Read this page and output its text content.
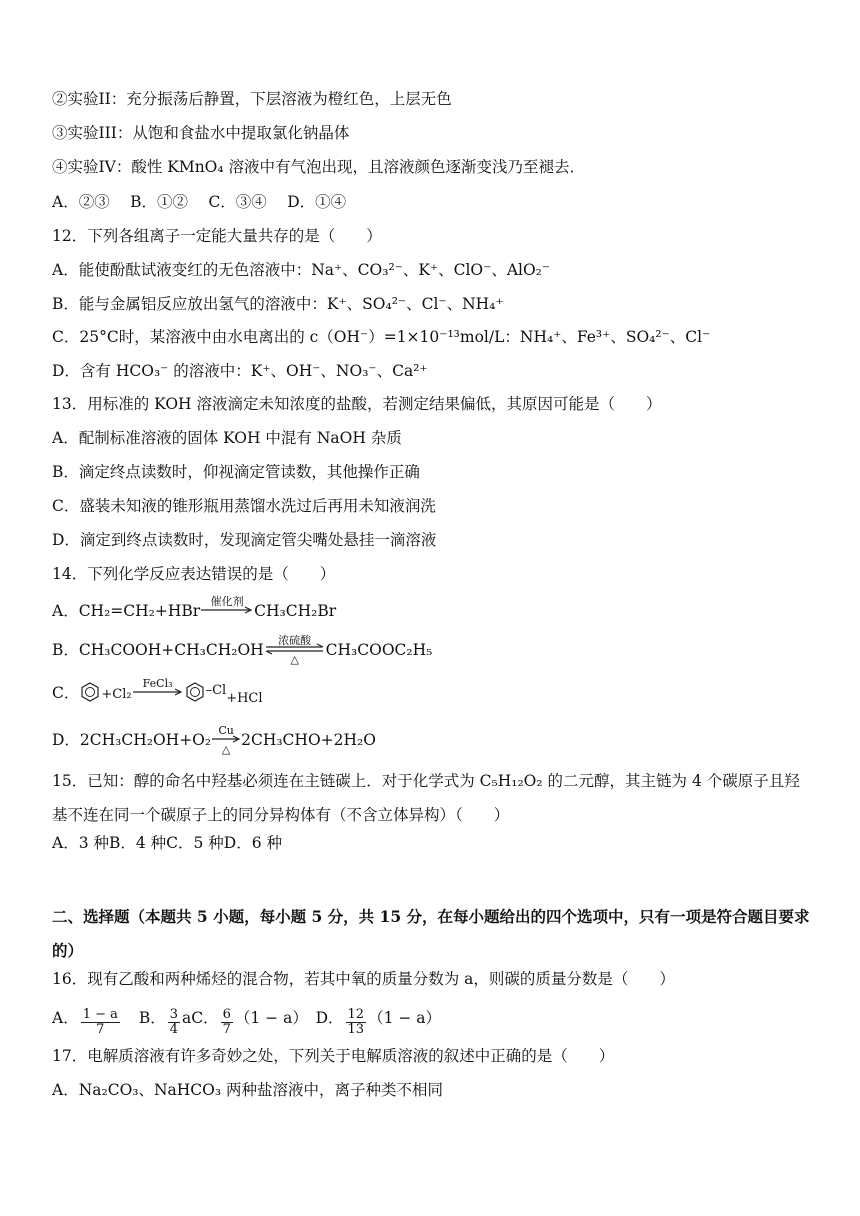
②实验II：充分振荡后静置，下层溶液为橙红色，上层无色
③实验III：从饱和食盐水中提取氯化钠晶体
④实验IV：酸性 KMnO₄ 溶液中有气泡出现，且溶液颜色逐渐变浅乃至褪去．
A．②③　 B．①②　 C．③④　 D．①④
12．下列各组离子一定能大量共存的是（　　）
A．能使酚酞试液变红的无色溶液中：Na⁺、CO₃²⁻、K⁺、ClO⁻、AlO₂⁻
B．能与金属铝反应放出氢气的溶液中：K⁺、SO₄²⁻、Cl⁻、NH₄⁺
C．25°C时，某溶液中由水电离出的 c（OH⁻）=1×10⁻¹³mol/L：NH₄⁺、Fe³⁺、SO₄²⁻、Cl⁻
D．含有 HCO₃⁻ 的溶液中：K⁺、OH⁻、NO₃⁻、Ca²⁺
13．用标准的 KOH 溶液滴定未知浓度的盐酸，若测定结果偏低，其原因可能是（　　）
A．配制标准溶液的固体 KOH 中混有 NaOH 杂质
B．滴定终点读数时，仰视滴定管读数，其他操作正确
C．盛装未知液的锥形瓶用蒸馏水洗过后再用未知液润洗
D．滴定到终点读数时，发现滴定管尖嘴处悬挂一滴溶液
14．下列化学反应表达错误的是（　　）
A．CH₂=CH₂+HBr
催化剂
CH₃CH₂Br
B．CH₃COOH+CH₃CH₂OH
浓硫酸
△
CH₃COOC₂H₅
C． +Cl₂
FeCl₃	$^{-Cl}_{+HCl}$
D．2CH₃CH₂OH+O₂
Cu
△
2CH₃CHO+2H₂O
15．已知：醇的命名中羟基必须连在主链碳上．对于化学式为 C₅H₁₂O₂ 的二元醇，其主链为 4 个碳原子且羟基不连在同一个碳原子上的同分异构体有（不含立体异构）（　　）
A．3 种B．4 种C．5 种D．6 种
二、选择题（本题共 5 小题，每小题 5 分，共 15 分，在每小题给出的四个选项中，只有一项是符合题目要求的）
16．现有乙酸和两种烯烃的混合物，若其中氧的质量分数为 a，则碳的质量分数是（　　）
A． $\frac{1 - a}{7}$ B． $\frac{3}{4}$ aC． $\frac{6}{7} (1 - a)$　D． $\frac{12}{13} (1 - a)$
17．电解质溶液有许多奇妙之处，下列关于电解质溶液的叙述中正确的是（　　）
A．Na₂CO₃、NaHCO₃ 两种盐溶液中，离子种类不相同
